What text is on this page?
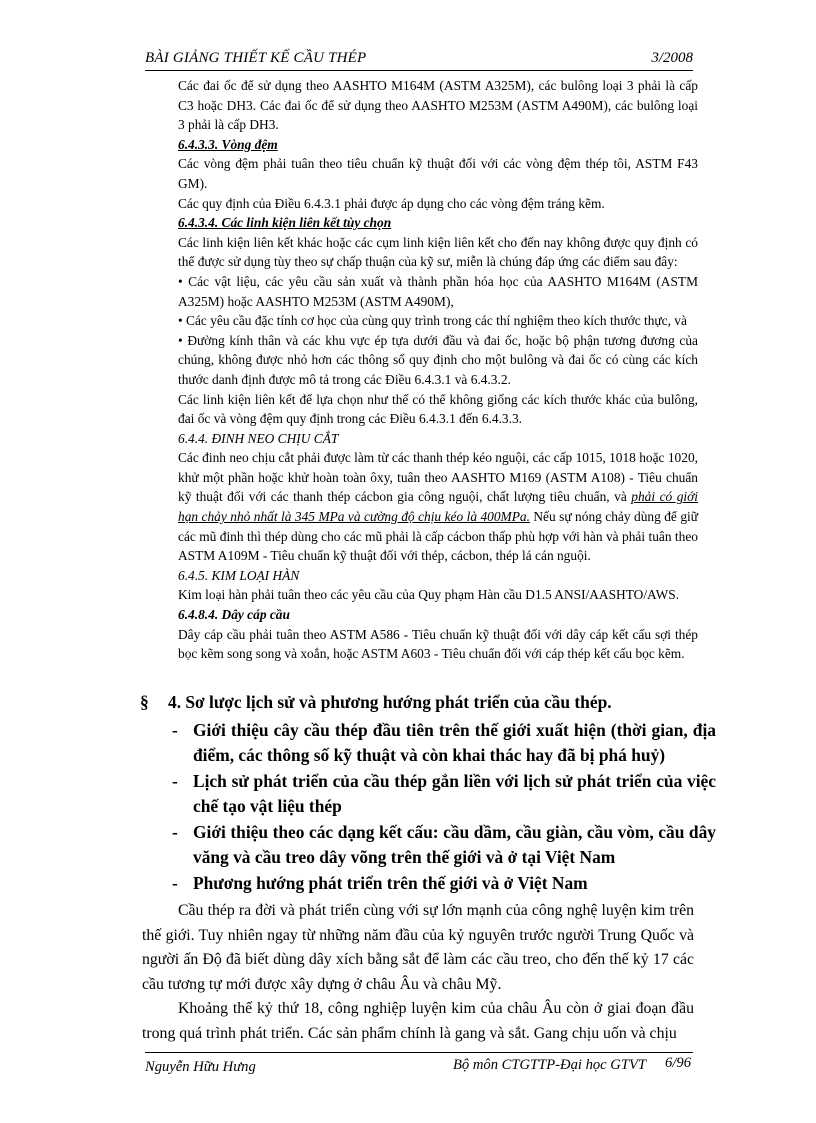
BÀI GIẢNG THIẾT KẾ CẦU THÉP	3/2008

Các đai ốc để sử dụng theo AASHTO M164M (ASTM A325M), các bulông loại 3 phải là cấp C3 hoặc DH3. Các đai ốc để sử dụng theo AASHTO M253M (ASTM A490M), các bulông loại 3 phải là cấp DH3.

6.4.3.3. Vòng đệm

Các vòng đệm phải tuân theo tiêu chuẩn kỹ thuật đối với các vòng đệm thép tôi, ASTM F43 GM).

Các quy định của Điều 6.4.3.1 phải được áp dụng cho các vòng đệm tráng kẽm.

6.4.3.4. Các linh kiện liên kết tùy chọn

Các linh kiện liên kết khác hoặc các cụm linh kiện liên kết cho đến nay không được quy định có thể được sử dụng tùy theo sự chấp thuận của kỹ sư, miễn là chúng đáp ứng các điểm sau đây:

• Các vật liệu, các yêu cầu sản xuất và thành phần hóa học của AASHTO M164M (ASTM A325M) hoặc AASHTO M253M (ASTM A490M),

• Các yêu cầu đặc tính cơ học của cùng quy trình trong các thí nghiệm theo kích thước thực, và

• Đường kính thân và các khu vực ép tựa dưới đầu và đai ốc, hoặc bộ phận tương đương của chúng, không được nhỏ hơn các thông số quy định cho một bulông và đai ốc có cùng các kích thước danh định được mô tả trong các Điều 6.4.3.1 và 6.4.3.2.

Các linh kiện liên kết để lựa chọn như thế có thể không giống các kích thước khác của bulông, đai ốc và vòng đệm quy định trong các Điều 6.4.3.1 đến 6.4.3.3.

6.4.4. ĐINH NEO CHỊU CẮT

Các đinh neo chịu cắt phải được làm từ các thanh thép kéo nguội, các cấp 1015, 1018 hoặc 1020, khử một phần hoặc khử hoàn toàn ôxy, tuân theo AASHTO M169 (ASTM A108) - Tiêu chuẩn kỹ thuật đối với các thanh thép cácbon gia công nguội, chất lượng tiêu chuẩn, và phải có giới hạn chảy nhỏ nhất là 345 MPa và cường độ chịu kéo là 400MPa. Nếu sự nóng chảy dùng để giữ các mũ đinh thì thép dùng cho các mũ phải là cấp cácbon thấp phù hợp với hàn và phải tuân theo ASTM A109M - Tiêu chuẩn kỹ thuật đối với thép, cácbon, thép lá cán nguội.

6.4.5. KIM LOẠI HÀN

Kim loại hàn phải tuân theo các yêu cầu của Quy phạm Hàn cầu D1.5 ANSI/AASHTO/AWS.

6.4.8.4. Dây cáp cầu

Dây cáp cầu phải tuân theo ASTM A586 - Tiêu chuẩn kỹ thuật đối với dây cáp kết cấu sợi thép bọc kẽm song song và xoắn, hoặc ASTM A603 - Tiêu chuẩn đối với cáp thép kết cấu bọc kẽm.

§ 4. Sơ lược lịch sử và phương hướng phát triển của cầu thép.
- Giới thiệu cây cầu thép đầu tiên trên thế giới xuất hiện (thời gian, địa điểm, các thông số kỹ thuật và còn khai thác hay đã bị phá huỷ)
- Lịch sử phát triển của cầu thép gắn liền với lịch sử phát triển của việc chế tạo vật liệu thép
- Giới thiệu theo các dạng kết cấu: cầu dầm, cầu giàn, cầu vòm, cầu dây văng và cầu treo dây võng trên thế giới và ở tại Việt Nam
- Phương hướng phát triển trên thế giới và ở Việt Nam

Cầu thép ra đời và phát triển cùng với sự lớn mạnh của công nghệ luyện kim trên thế giới. Tuy nhiên ngay từ những năm đầu của kỷ nguyên trước người Trung Quốc và người ấn Độ đã biết dùng dây xích bằng sắt để làm các cầu treo, cho đến thế kỷ 17 các cầu tương tự mới được xây dựng ở châu Âu và châu Mỹ.

Khoảng thế kỷ thứ 18, công nghiệp luyện kim của châu Âu còn ở giai đoạn đầu trong quá trình phát triển. Các sản phẩm chính là gang và sắt. Gang chịu uốn và chịu

Nguyễn Hữu Hưng	Bộ môn CTGTTP-Đại học GTVT 6/96
